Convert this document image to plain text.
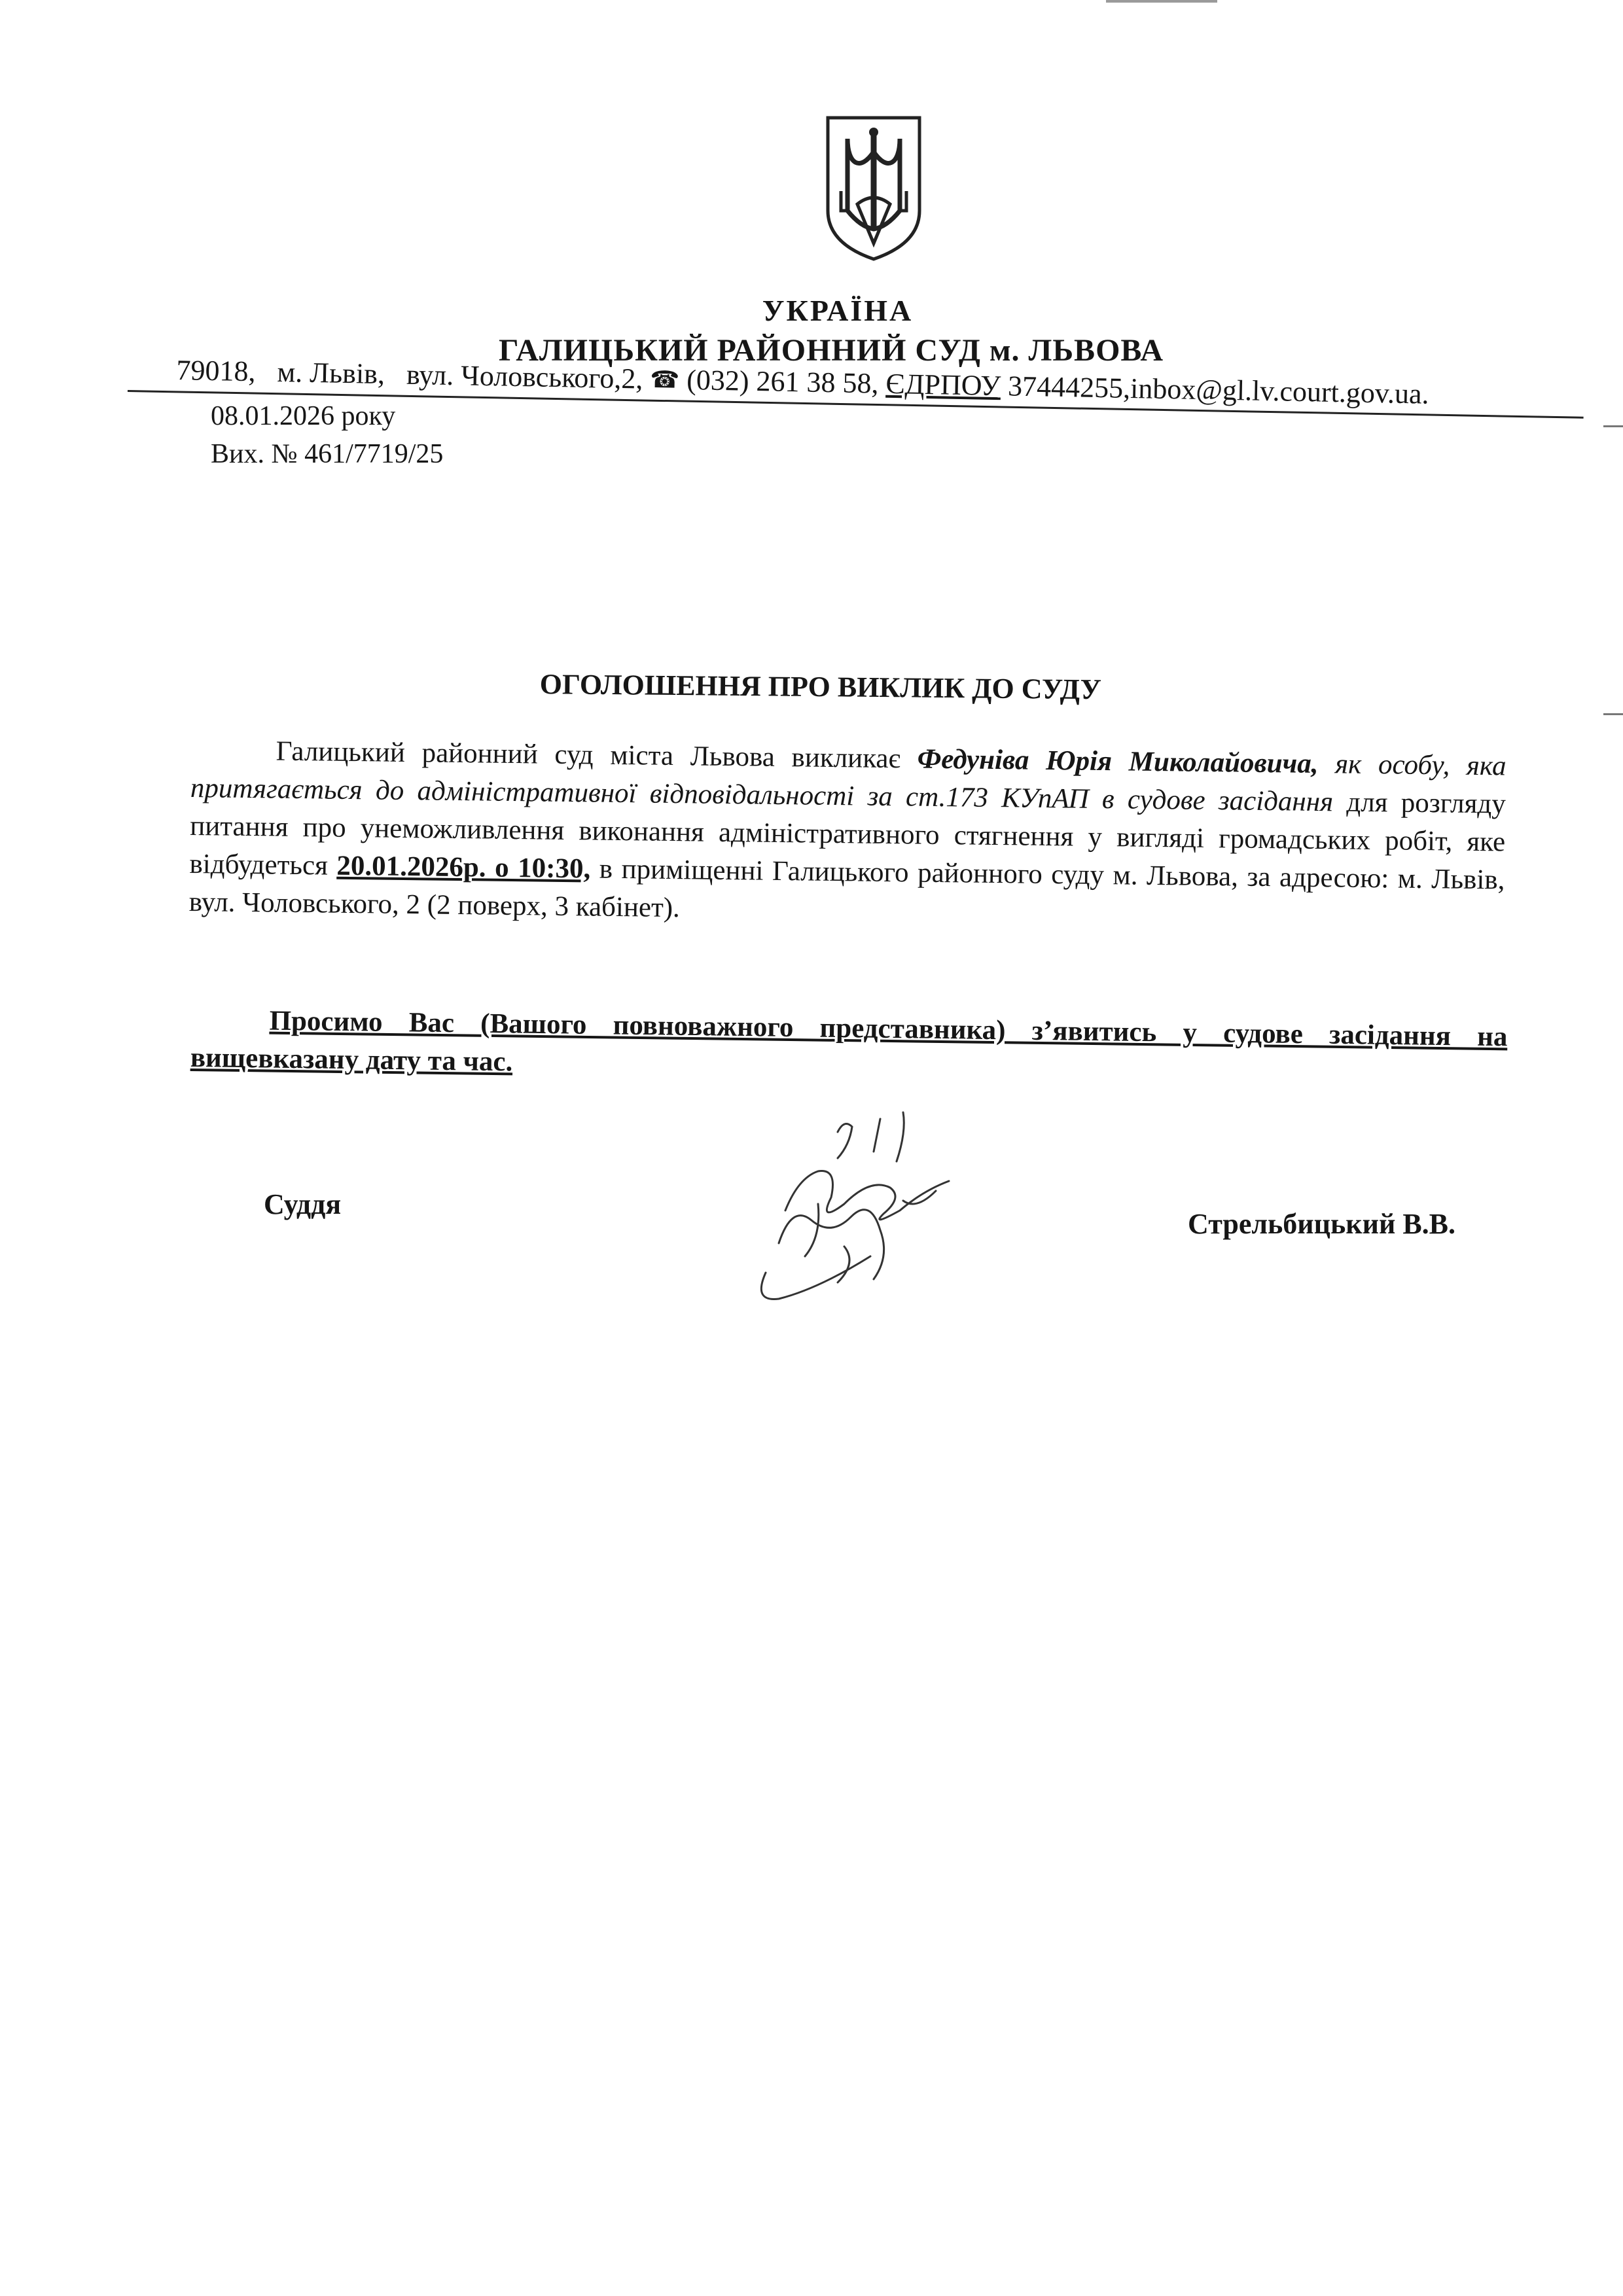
УКРАЇНА
ГАЛИЦЬКИЙ РАЙОННИЙ СУД м. ЛЬВОВА
79018, м. Львів, вул. Чоловського,2, ☎ (032) 261 38 58, ЄДРПОУ 37444255,inbox@gl.lv.court.gov.ua.
08.01.2026 року
Вих. № 461/7719/25
ОГОЛОШЕННЯ ПРО ВИКЛИК ДО СУДУ
Галицький районний суд міста Львова викликає Федуніва Юрія Миколайовича, як особу, яка притягається до адміністративної відповідальності за ст.173 КУпАП в судове засідання для розгляду питання про унеможливлення виконання адміністративного стягнення у вигляді громадських робіт, яке відбудеться 20.01.2026р. о 10:30, в приміщенні Галицького районного суду м. Львова, за адресою: м. Львів, вул. Чоловського, 2 (2 поверх, 3 кабінет).
Просимо Вас (Вашого повноважного представника) з’явитись у судове засідання на вищевказану дату та час.
Суддя
Стрельбицький В.В.
